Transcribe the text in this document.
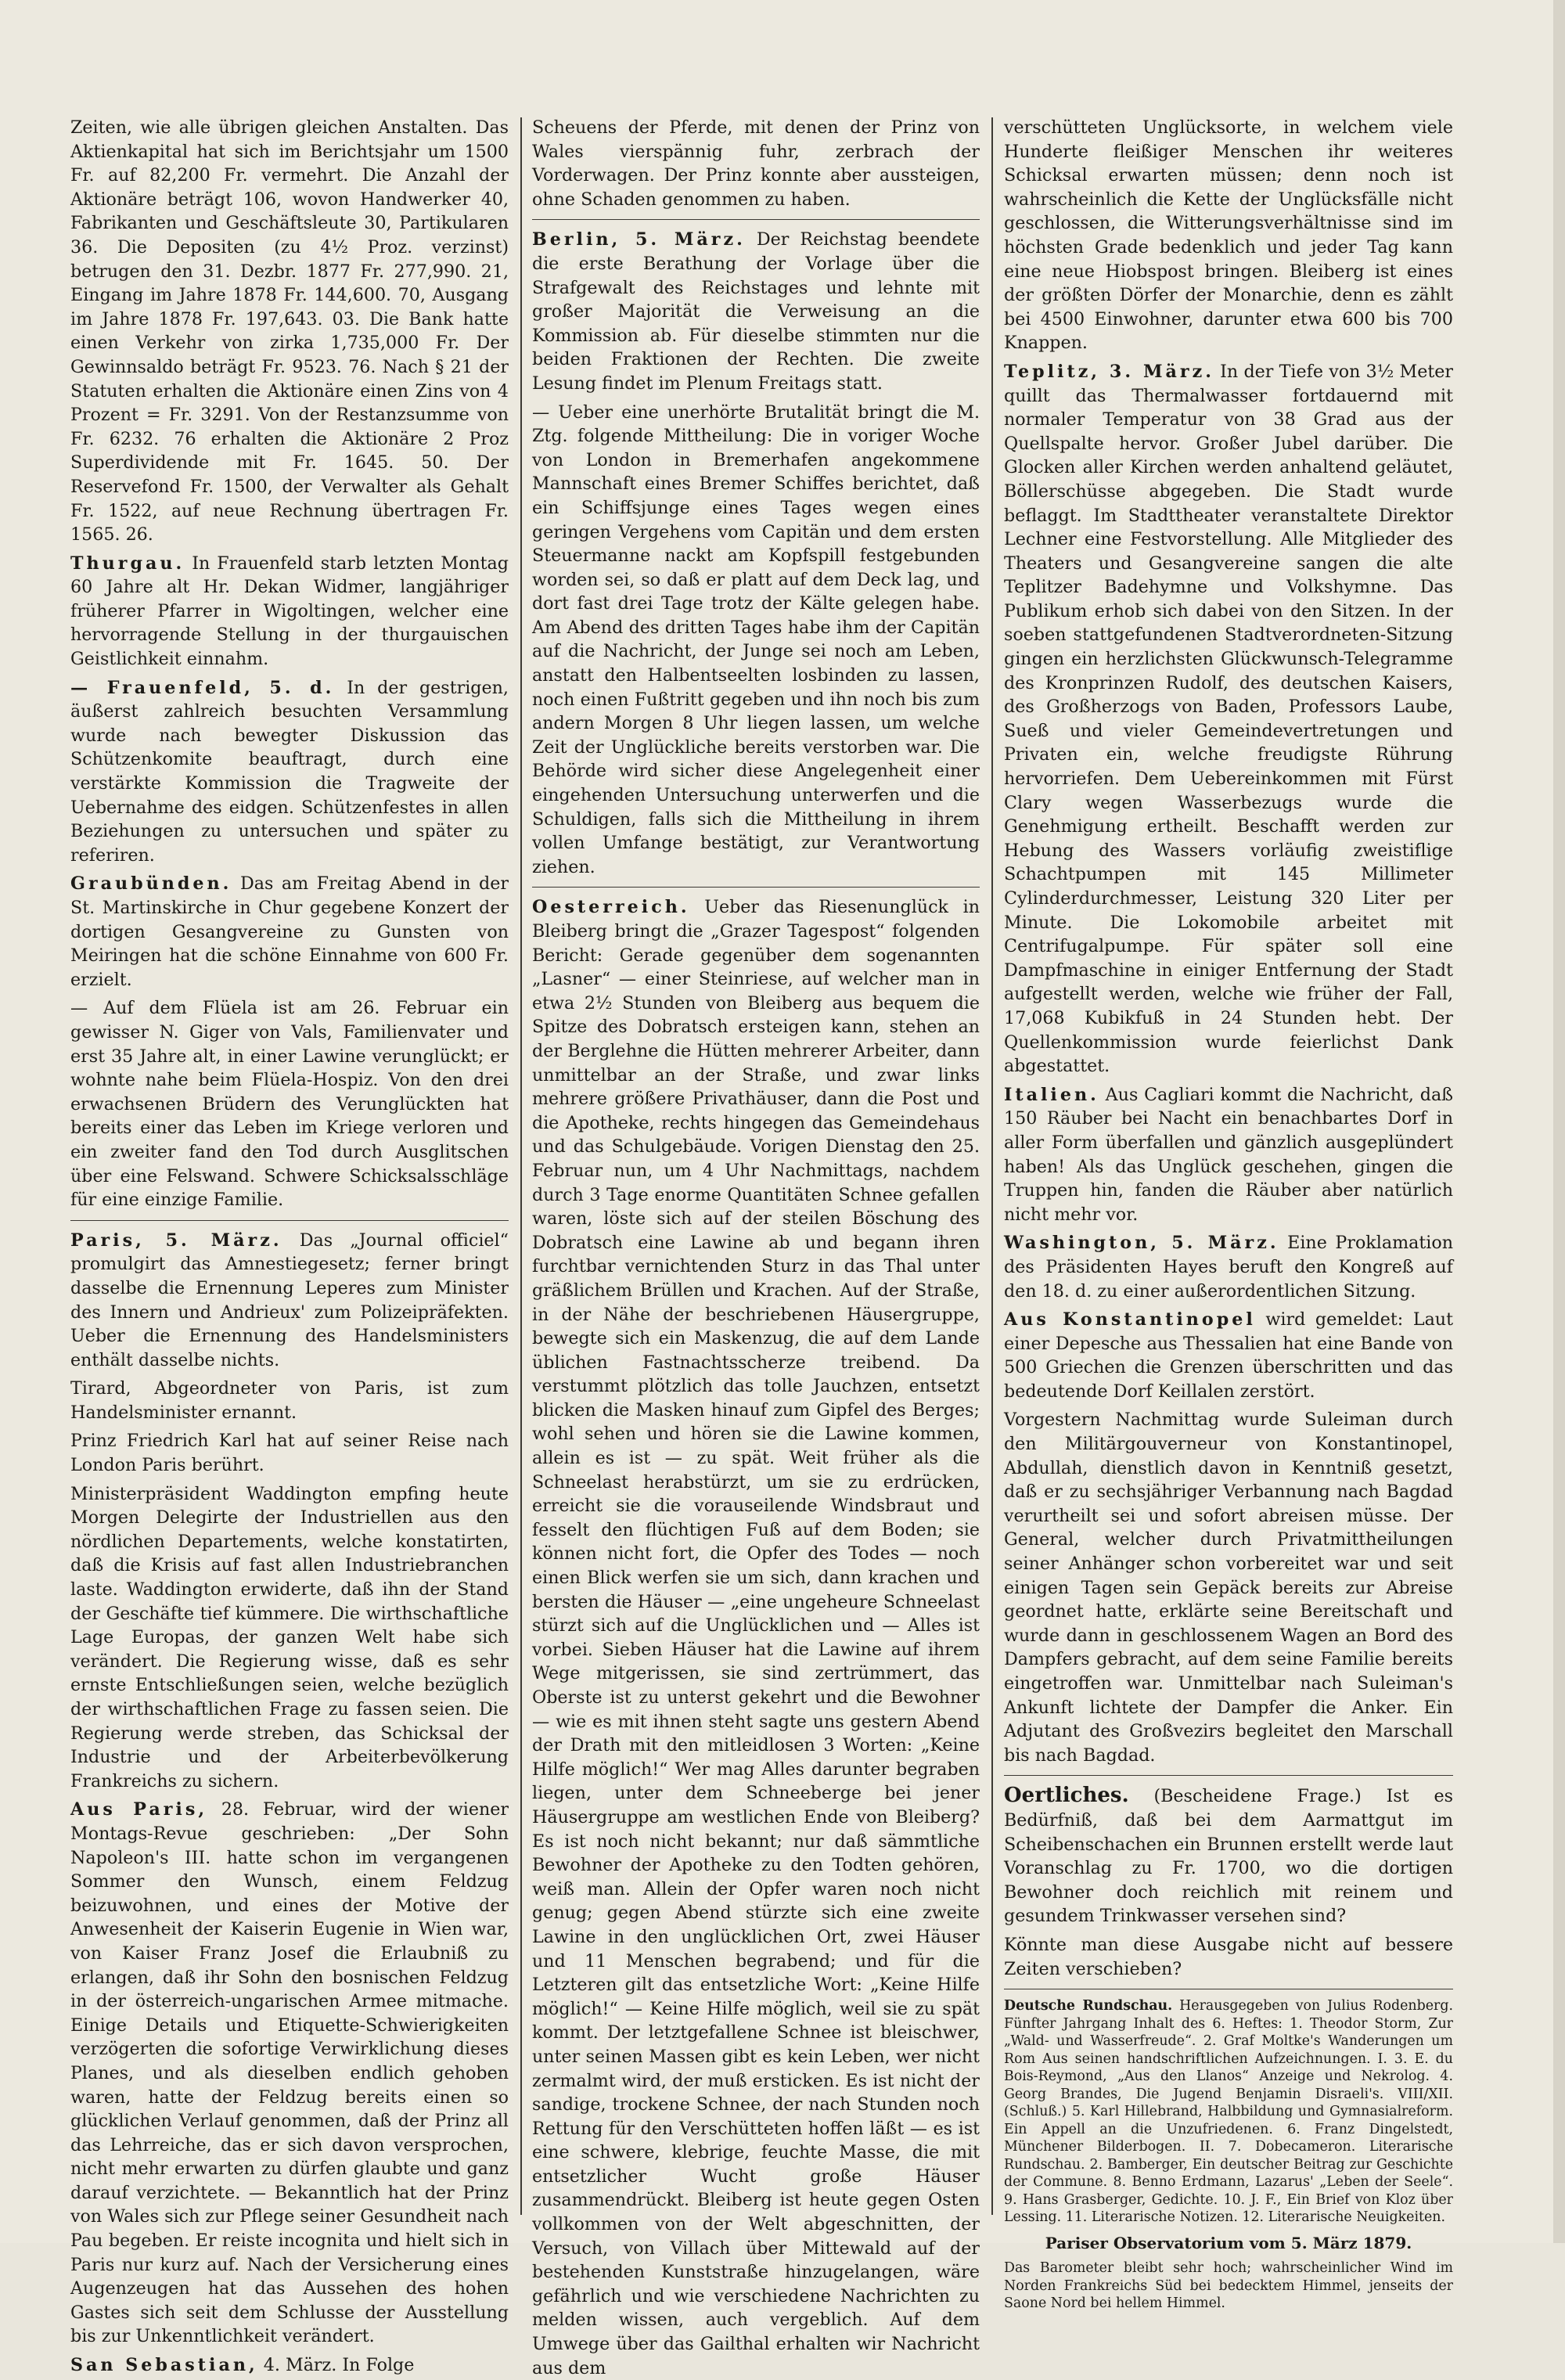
Zeiten, wie alle übrigen gleichen Anstalten. Das Aktienkapital hat sich im Berichtsjahr um 1500 Fr. auf 82,200 Fr. vermehrt. Die Anzahl der Aktionäre beträgt 106, wovon Handwerker 40, Fabrikanten und Geschäftsleute 30, Partikularen 36. Die Depositen (zu 4½ Proz. verzinst) betrugen den 31. Dezbr. 1877 Fr. 277,990. 21, Eingang im Jahre 1878 Fr. 144,600. 70, Ausgang im Jahre 1878 Fr. 197,643. 03. Die Bank hatte einen Verkehr von zirka 1,735,000 Fr. Der Gewinnsaldo beträgt Fr. 9523. 76. Nach § 21 der Statuten erhalten die Aktionäre einen Zins von 4 Prozent = Fr. 3291. Von der Restanzsumme von Fr. 6232. 76 erhalten die Aktionäre 2 Proz Superdividende mit Fr. 1645. 50. Der Reservefond Fr. 1500, der Verwalter als Gehalt Fr. 1522, auf neue Rechnung übertragen Fr. 1565. 26.

Thurgau. In Frauenfeld starb letzten Montag 60 Jahre alt Hr. Dekan Widmer, langjähriger früherer Pfarrer in Wigoltingen, welcher eine hervorragende Stellung in der thurgauischen Geistlichkeit einnahm.

— Frauenfeld, 5. d. In der gestrigen, äußerst zahlreich besuchten Versammlung wurde nach bewegter Diskussion das Schützenkomite beauftragt, durch eine verstärkte Kommission die Tragweite der Uebernahme des eidgen. Schützenfestes in allen Beziehungen zu untersuchen und später zu referiren.

Graubünden. Das am Freitag Abend in der St. Martinskirche in Chur gegebene Konzert der dortigen Gesangvereine zu Gunsten von Meiringen hat die schöne Einnahme von 600 Fr. erzielt.

— Auf dem Flüela ist am 26. Februar ein gewisser N. Giger von Vals, Familienvater und erst 35 Jahre alt, in einer Lawine verunglückt; er wohnte nahe beim Flüela-Hospiz. Von den drei erwachsenen Brüdern des Verunglückten hat bereits einer das Leben im Kriege verloren und ein zweiter fand den Tod durch Ausglitschen über eine Felswand. Schwere Schicksalsschläge für eine einzige Familie.

Paris, 5. März. Das „Journal officiel“ promulgirt das Amnestiegesetz; ferner bringt dasselbe die Ernennung Leperes zum Minister des Innern und Andrieux' zum Polizeipräfekten. Ueber die Ernennung des Handelsministers enthält dasselbe nichts.

Tirard, Abgeordneter von Paris, ist zum Handelsminister ernannt.

Prinz Friedrich Karl hat auf seiner Reise nach London Paris berührt.

Ministerpräsident Waddington empfing heute Morgen Delegirte der Industriellen aus den nördlichen Departements, welche konstatirten, daß die Krisis auf fast allen Industriebranchen laste. Waddington erwiderte, daß ihn der Stand der Geschäfte tief kümmere. Die wirthschaftliche Lage Europas, der ganzen Welt habe sich verändert. Die Regierung wisse, daß es sehr ernste Entschließungen seien, welche bezüglich der wirthschaftlichen Frage zu fassen seien. Die Regierung werde streben, das Schicksal der Industrie und der Arbeiterbevölkerung Frankreichs zu sichern.

Aus Paris, 28. Februar, wird der wiener Montags-Revue geschrieben: „Der Sohn Napoleon's III. hatte schon im vergangenen Sommer den Wunsch, einem Feldzug beizuwohnen, und eines der Motive der Anwesenheit der Kaiserin Eugenie in Wien war, von Kaiser Franz Josef die Erlaubniß zu erlangen, daß ihr Sohn den bosnischen Feldzug in der österreich-ungarischen Armee mitmache. Einige Details und Etiquette-Schwierigkeiten verzögerten die sofortige Verwirklichung dieses Planes, und als dieselben endlich gehoben waren, hatte der Feldzug bereits einen so glücklichen Verlauf genommen, daß der Prinz all das Lehrreiche, das er sich davon versprochen, nicht mehr erwarten zu dürfen glaubte und ganz darauf verzichtete. — Bekanntlich hat der Prinz von Wales sich zur Pflege seiner Gesundheit nach Pau begeben. Er reiste incognita und hielt sich in Paris nur kurz auf. Nach der Versicherung eines Augenzeugen hat das Aussehen des hohen Gastes sich seit dem Schlusse der Ausstellung bis zur Unkenntlichkeit verändert.

San Sebastian, 4. März. In Folge

Scheuens der Pferde, mit denen der Prinz von Wales vierspännig fuhr, zerbrach der Vorderwagen. Der Prinz konnte aber aussteigen, ohne Schaden genommen zu haben.

Berlin, 5. März. Der Reichstag beendete die erste Berathung der Vorlage über die Strafgewalt des Reichstages und lehnte mit großer Majorität die Verweisung an die Kommission ab. Für dieselbe stimmten nur die beiden Fraktionen der Rechten. Die zweite Lesung findet im Plenum Freitags statt.

— Ueber eine unerhörte Brutalität bringt die M. Ztg. folgende Mittheilung: Die in voriger Woche von London in Bremerhafen angekommene Mannschaft eines Bremer Schiffes berichtet, daß ein Schiffsjunge eines Tages wegen eines geringen Vergehens vom Capitän und dem ersten Steuermanne nackt am Kopfspill festgebunden worden sei, so daß er platt auf dem Deck lag, und dort fast drei Tage trotz der Kälte gelegen habe. Am Abend des dritten Tages habe ihm der Capitän auf die Nachricht, der Junge sei noch am Leben, anstatt den Halbentseelten losbinden zu lassen, noch einen Fußtritt gegeben und ihn noch bis zum andern Morgen 8 Uhr liegen lassen, um welche Zeit der Unglückliche bereits verstorben war. Die Behörde wird sicher diese Angelegenheit einer eingehenden Untersuchung unterwerfen und die Schuldigen, falls sich die Mittheilung in ihrem vollen Umfange bestätigt, zur Verantwortung ziehen.

Oesterreich. Ueber das Riesenunglück in Bleiberg bringt die „Grazer Tagespost“ folgenden Bericht: Gerade gegenüber dem sogenannten „Lasner“ — einer Steinriese, auf welcher man in etwa 2½ Stunden von Bleiberg aus bequem die Spitze des Dobratsch ersteigen kann, stehen an der Berglehne die Hütten mehrerer Arbeiter, dann unmittelbar an der Straße, und zwar links mehrere größere Privathäuser, dann die Post und die Apotheke, rechts hingegen das Gemeindehaus und das Schulgebäude. Vorigen Dienstag den 25. Februar nun, um 4 Uhr Nachmittags, nachdem durch 3 Tage enorme Quantitäten Schnee gefallen waren, löste sich auf der steilen Böschung des Dobratsch eine Lawine ab und begann ihren furchtbar vernichtenden Sturz in das Thal unter gräßlichem Brüllen und Krachen. Auf der Straße, in der Nähe der beschriebenen Häusergruppe, bewegte sich ein Maskenzug, die auf dem Lande üblichen Fastnachtsscherze treibend. Da verstummt plötzlich das tolle Jauchzen, entsetzt blicken die Masken hinauf zum Gipfel des Berges; wohl sehen und hören sie die Lawine kommen, allein es ist — zu spät. Weit früher als die Schneelast herabstürzt, um sie zu erdrücken, erreicht sie die vorauseilende Windsbraut und fesselt den flüchtigen Fuß auf dem Boden; sie können nicht fort, die Opfer des Todes — noch einen Blick werfen sie um sich, dann krachen und bersten die Häuser — „eine ungeheure Schneelast stürzt sich auf die Unglücklichen und — Alles ist vorbei. Sieben Häuser hat die Lawine auf ihrem Wege mitgerissen, sie sind zertrümmert, das Oberste ist zu unterst gekehrt und die Bewohner — wie es mit ihnen steht sagte uns gestern Abend der Drath mit den mitleidlosen 3 Worten: „Keine Hilfe möglich!“ Wer mag Alles darunter begraben liegen, unter dem Schneeberge bei jener Häusergruppe am westlichen Ende von Bleiberg? Es ist noch nicht bekannt; nur daß sämmtliche Bewohner der Apotheke zu den Todten gehören, weiß man. Allein der Opfer waren noch nicht genug; gegen Abend stürzte sich eine zweite Lawine in den unglücklichen Ort, zwei Häuser und 11 Menschen begrabend; und für die Letzteren gilt das entsetzliche Wort: „Keine Hilfe möglich!“ — Keine Hilfe möglich, weil sie zu spät kommt. Der letztgefallene Schnee ist bleischwer, unter seinen Massen gibt es kein Leben, wer nicht zermalmt wird, der muß ersticken. Es ist nicht der sandige, trockene Schnee, der nach Stunden noch Rettung für den Verschütteten hoffen läßt — es ist eine schwere, klebrige, feuchte Masse, die mit entsetzlicher Wucht große Häuser zusammendrückt. Bleiberg ist heute gegen Osten vollkommen von der Welt abgeschnitten, der Versuch, von Villach über Mittewald auf der bestehenden Kunststraße hinzugelangen, wäre gefährlich und wie verschiedene Nachrichten zu melden wissen, auch vergeblich. Auf dem Umwege über das Gailthal erhalten wir Nachricht aus dem

verschütteten Unglücksorte, in welchem viele Hunderte fleißiger Menschen ihr weiteres Schicksal erwarten müssen; denn noch ist wahrscheinlich die Kette der Unglücksfälle nicht geschlossen, die Witterungsverhältnisse sind im höchsten Grade bedenklich und jeder Tag kann eine neue Hiobspost bringen. Bleiberg ist eines der größten Dörfer der Monarchie, denn es zählt bei 4500 Einwohner, darunter etwa 600 bis 700 Knappen.

Teplitz, 3. März. In der Tiefe von 3½ Meter quillt das Thermalwasser fortdauernd mit normaler Temperatur von 38 Grad aus der Quellspalte hervor. Großer Jubel darüber. Die Glocken aller Kirchen werden anhaltend geläutet, Böllerschüsse abgegeben. Die Stadt wurde beflaggt. Im Stadttheater veranstaltete Direktor Lechner eine Festvorstellung. Alle Mitglieder des Theaters und Gesangvereine sangen die alte Teplitzer Badehymne und Volkshymne. Das Publikum erhob sich dabei von den Sitzen. In der soeben stattgefundenen Stadtverordneten-Sitzung gingen ein herzlichsten Glückwunsch-Telegramme des Kronprinzen Rudolf, des deutschen Kaisers, des Großherzogs von Baden, Professors Laube, Sueß und vieler Gemeindevertretungen und Privaten ein, welche freudigste Rührung hervorriefen. Dem Uebereinkommen mit Fürst Clary wegen Wasserbezugs wurde die Genehmigung ertheilt. Beschafft werden zur Hebung des Wassers vorläufig zweistiflige Schachtpumpen mit 145 Millimeter Cylinderdurchmesser, Leistung 320 Liter per Minute. Die Lokomobile arbeitet mit Centrifugalpumpe. Für später soll eine Dampfmaschine in einiger Entfernung der Stadt aufgestellt werden, welche wie früher der Fall, 17,068 Kubikfuß in 24 Stunden hebt. Der Quellenkommission wurde feierlichst Dank abgestattet.

Italien. Aus Cagliari kommt die Nachricht, daß 150 Räuber bei Nacht ein benachbartes Dorf in aller Form überfallen und gänzlich ausgeplündert haben! Als das Unglück geschehen, gingen die Truppen hin, fanden die Räuber aber natürlich nicht mehr vor.

Washington, 5. März. Eine Proklamation des Präsidenten Hayes beruft den Kongreß auf den 18. d. zu einer außerordentlichen Sitzung.

Aus Konstantinopel wird gemeldet: Laut einer Depesche aus Thessalien hat eine Bande von 500 Griechen die Grenzen überschritten und das bedeutende Dorf Keillalen zerstört.

Vorgestern Nachmittag wurde Suleiman durch den Militärgouverneur von Konstantinopel, Abdullah, dienstlich davon in Kenntniß gesetzt, daß er zu sechsjähriger Verbannung nach Bagdad verurtheilt sei und sofort abreisen müsse. Der General, welcher durch Privatmittheilungen seiner Anhänger schon vorbereitet war und seit einigen Tagen sein Gepäck bereits zur Abreise geordnet hatte, erklärte seine Bereitschaft und wurde dann in geschlossenem Wagen an Bord des Dampfers gebracht, auf dem seine Familie bereits eingetroffen war. Unmittelbar nach Suleiman's Ankunft lichtete der Dampfer die Anker. Ein Adjutant des Großvezirs begleitet den Marschall bis nach Bagdad.

Oertliches. (Bescheidene Frage.) Ist es Bedürfniß, daß bei dem Aarmattgut im Scheibenschachen ein Brunnen erstellt werde laut Voranschlag zu Fr. 1700, wo die dortigen Bewohner doch reichlich mit reinem und gesundem Trinkwasser versehen sind?

Könnte man diese Ausgabe nicht auf bessere Zeiten verschieben?

Deutsche Rundschau. Herausgegeben von Julius Rodenberg. Fünfter Jahrgang Inhalt des 6. Heftes: 1. Theodor Storm, Zur „Wald- und Wasserfreude“. 2. Graf Moltke's Wanderungen um Rom Aus seinen handschriftlichen Aufzeichnungen. I. 3. E. du Bois-Reymond, „Aus den Llanos“ Anzeige und Nekrolog. 4. Georg Brandes, Die Jugend Benjamin Disraeli's. VIII/XII. (Schluß.) 5. Karl Hillebrand, Halbbildung und Gymnasialreform. Ein Appell an die Unzufriedenen. 6. Franz Dingelstedt, Münchener Bilderbogen. II. 7. Dobecameron. Literarische Rundschau. 2. Bamberger, Ein deutscher Beitrag zur Geschichte der Commune. 8. Benno Erdmann, Lazarus' „Leben der Seele“. 9. Hans Grasberger, Gedichte. 10. J. F., Ein Brief von Kloz über Lessing. 11. Literarische Notizen. 12. Literarische Neuigkeiten.

Pariser Observatorium vom 5. März 1879.

Das Barometer bleibt sehr hoch; wahrscheinlicher Wind im Norden Frankreichs Süd bei bedecktem Himmel, jenseits der Saone Nord bei hellem Himmel.
